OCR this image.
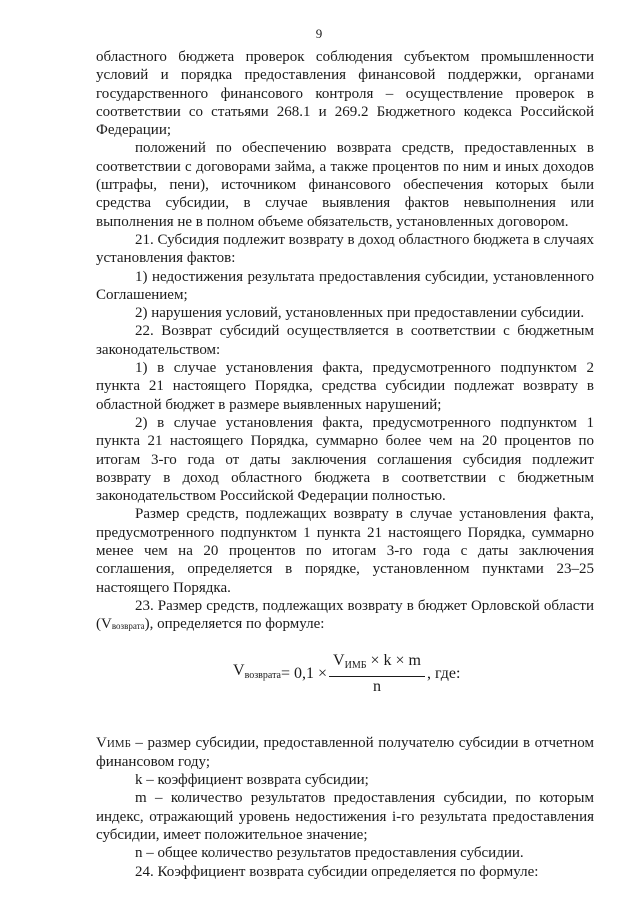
9

областного бюджета проверок соблюдения субъектом промышленности условий и порядка предоставления финансовой поддержки, органами государственного финансового контроля – осуществление проверок в соответствии со статьями 268.1 и 269.2 Бюджетного кодекса Российской Федерации;

положений по обеспечению возврата средств, предоставленных в соответствии с договорами займа, а также процентов по ним и иных доходов (штрафы, пени), источником финансового обеспечения которых были средства субсидии, в случае выявления фактов невыполнения или выполнения не в полном объеме обязательств, установленных договором.

21. Субсидия подлежит возврату в доход областного бюджета в случаях установления фактов:

1) недостижения результата предоставления субсидии, установленного Соглашением;

2) нарушения условий, установленных при предоставлении субсидии.

22. Возврат субсидий осуществляется в соответствии с бюджетным законодательством:

1) в случае установления факта, предусмотренного подпунктом 2 пункта 21 настоящего Порядка, средства субсидии подлежат возврату в областной бюджет в размере выявленных нарушений;

2) в случае установления факта, предусмотренного подпунктом 1 пункта 21 настоящего Порядка, суммарно более чем на 20 процентов по итогам 3-го года от даты заключения соглашения субсидия подлежит возврату в доход областного бюджета в соответствии с бюджетным законодательством Российской Федерации полностью.

Размер средств, подлежащих возврату в случае установления факта, предусмотренного подпунктом 1 пункта 21 настоящего Порядка, суммарно менее чем на 20 процентов по итогам 3-го года с даты заключения соглашения, определяется в порядке, установленном пунктами 23–25 настоящего Порядка.

23. Размер средств, подлежащих возврату в бюджет Орловской области (Vвозврата), определяется по формуле:

Vвозврата= $0,1 \times \frac{\text{VИМБ × k × m}}{n}$ , где:

VИМБ – размер субсидии, предоставленной получателю субсидии в отчетном финансовом году;

k – коэффициент возврата субсидии;

m – количество результатов предоставления субсидии, по которым индекс, отражающий уровень недостижения i-го результата предоставления субсидии, имеет положительное значение;

n – общее количество результатов предоставления субсидии.

24. Коэффициент возврата субсидии определяется по формуле:
